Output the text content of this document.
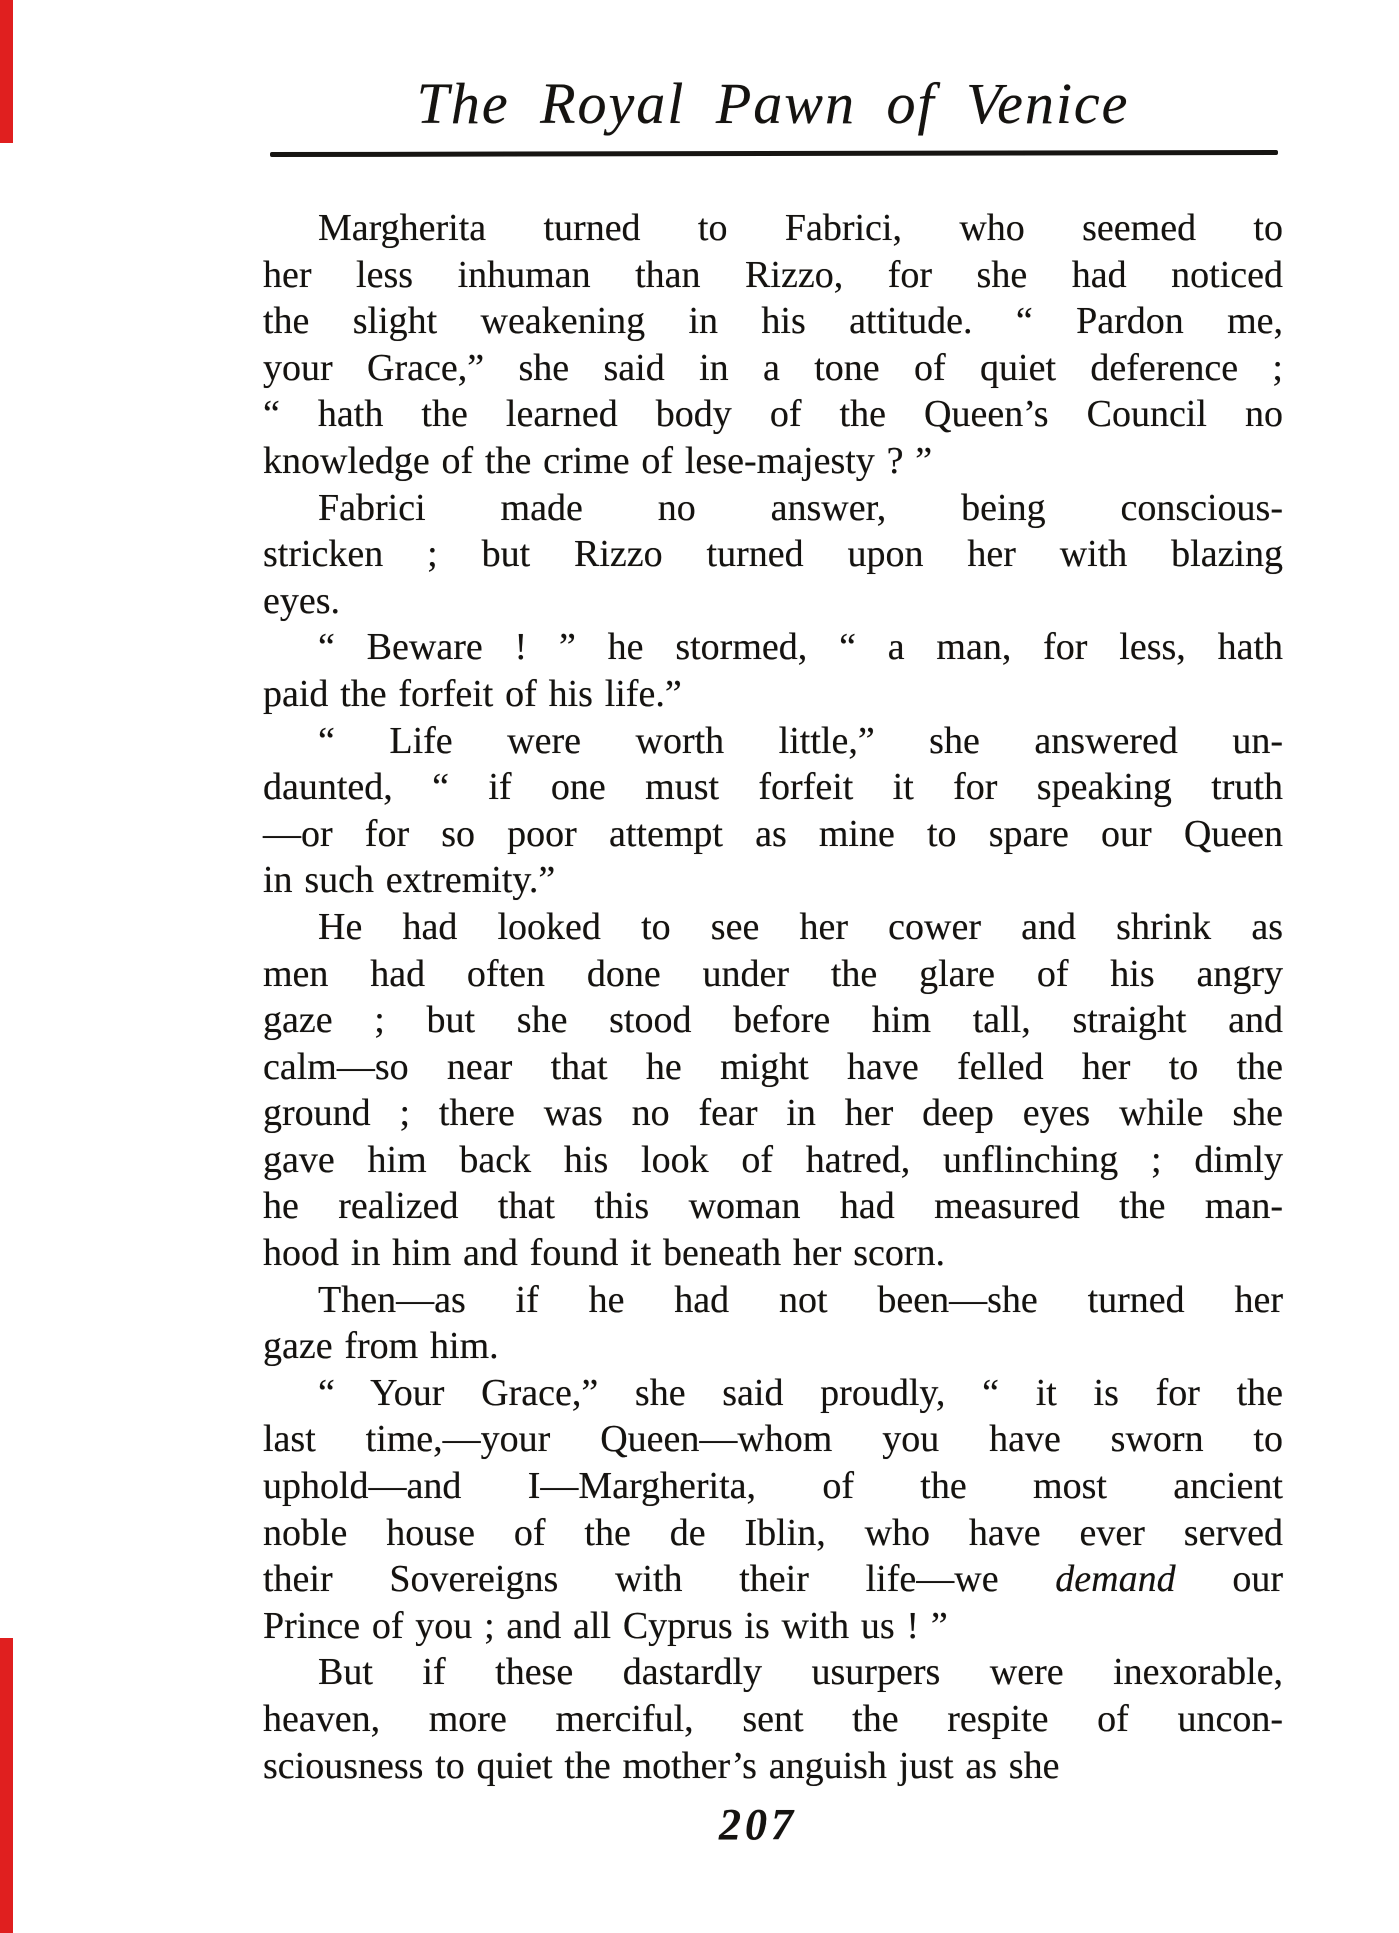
The Royal Pawn of Venice
Margherita turned to Fabrici, who seemed to
her less inhuman than Rizzo, for she had noticed
the slight weakening in his attitude. “ Pardon me,
your Grace,” she said in a tone of quiet deference ;
“ hath the learned body of the Queen’s Council no
knowledge of the crime of lese-majesty ? ”
Fabrici made no answer, being conscious-
stricken ; but Rizzo turned upon her with blazing
eyes.
“ Beware ! ” he stormed, “ a man, for less, hath
paid the forfeit of his life.”
“ Life were worth little,” she answered un-
daunted, “ if one must forfeit it for speaking truth
—or for so poor attempt as mine to spare our Queen
in such extremity.”
He had looked to see her cower and shrink as
men had often done under the glare of his angry
gaze ; but she stood before him tall, straight and
calm—so near that he might have felled her to the
ground ; there was no fear in her deep eyes while she
gave him back his look of hatred, unflinching ; dimly
he realized that this woman had measured the man-
hood in him and found it beneath her scorn.
Then—as if he had not been—she turned her
gaze from him.
“ Your Grace,” she said proudly, “ it is for the
last time,—your Queen—whom you have sworn to
uphold—and I—Margherita, of the most ancient
noble house of the de Iblin, who have ever served
their Sovereigns with their life—we demand our
Prince of you ; and all Cyprus is with us ! ”
But if these dastardly usurpers were inexorable,
heaven, more merciful, sent the respite of uncon-
sciousness to quiet the mother’s anguish just as she
207
